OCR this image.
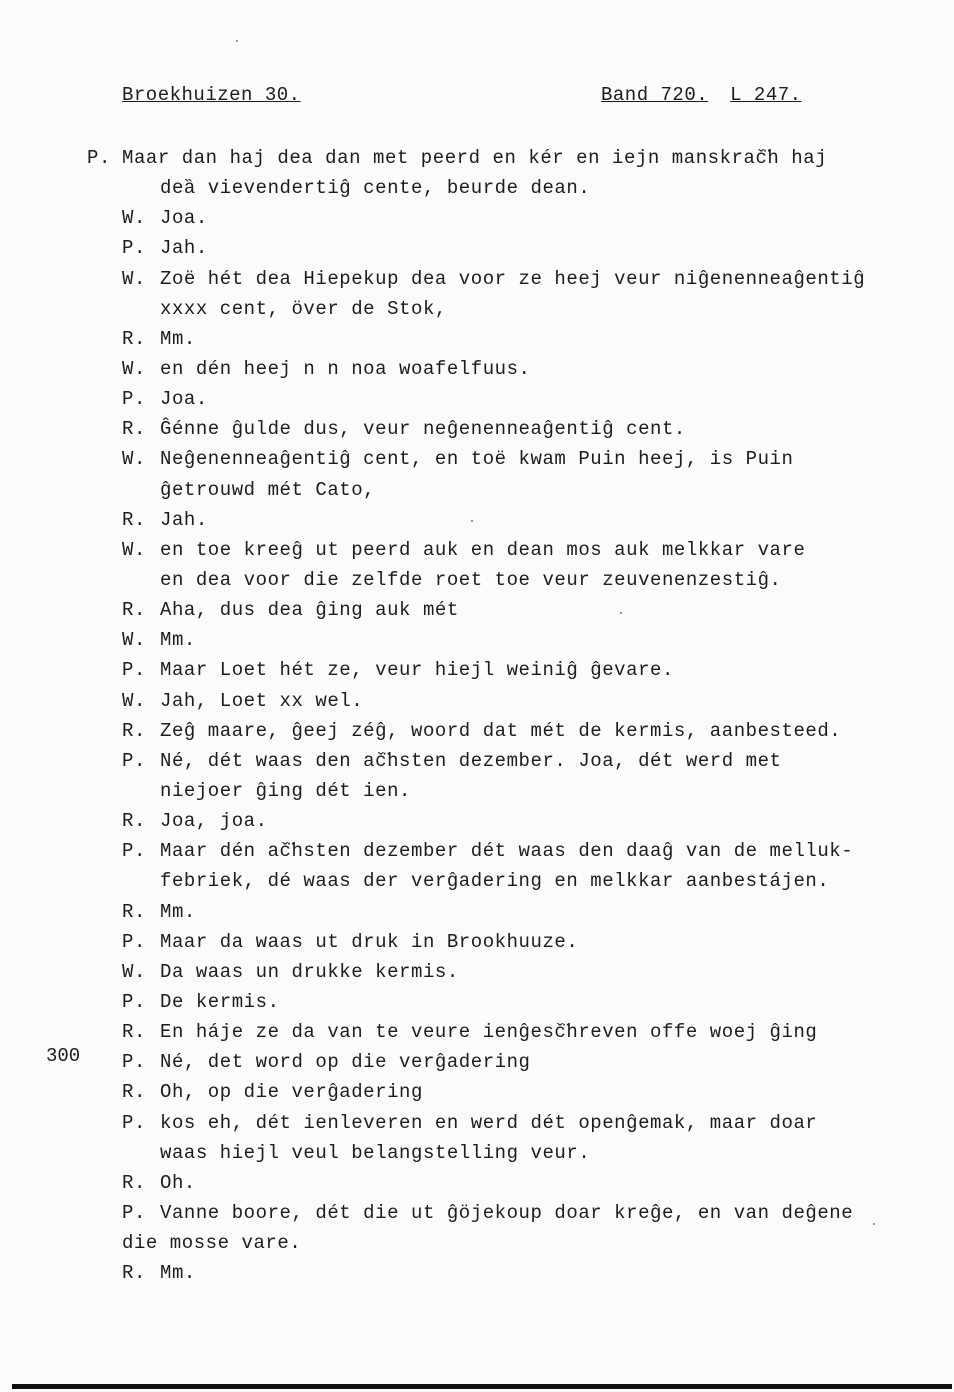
Broekhuizen 30.	Band 720. L 247.
300
P. Maar dan haj dea dan met peerd en kér en iejn manskrač̈h haj
deȁ vievendertiĝ cente, beurde dean.
W. Joa.
P. Jah.
W. Zoë hét dea Hiepekup dea voor ze heej veur niĝenenneaĝentiĝ
xxxx cent, över de Stok,
R. Mm.
W. en dén heej n n noa woafelfuus.
P. Joa.
R. Ĝénne ĝulde dus, veur neĝenenneaĝentiĝ cent.
W. Neĝenenneaĝentiĝ cent, en toë kwam Puin heej, is Puin
ĝetrouwd mét Cato,
R. Jah.
W. en toe kreeĝ ut peerd auk en dean mos auk melkkar vare
en dea voor die zelfde roet toe veur zeuvenenzestiĝ.
R. Aha, dus dea ĝing auk mét
W. Mm.
P. Maar Loet hét ze, veur hiejl weiniĝ ĝevare.
W. Jah, Loet xx wel.
R. Zeĝ maare, ĝeej zéĝ, woord dat mét de kermis, aanbesteed.
P. Né, dét waas den ač̈hsten dezember. Joa, dét werd met
niejoer ĝing dét ien.
R. Joa, joa.
P. Maar dén ač̈hsten dezember dét waas den daaĝ van de melluk-
febriek, dé waas der verĝadering en melkkar aanbestájen.
R. Mm.
P. Maar da waas ut druk in Brookhuuze.
W. Da waas un drukke kermis.
P. De kermis.
R. En háje ze da van te veure ienĝesč̈hreven offe woej ĝing
P. Né, det word op die verĝadering
R. Oh, op die verĝadering
P. kos eh, dét ienleveren en werd dét openĝemak, maar doar
waas hiejl veul belangstelling veur.
R. Oh.
P. Vanne boore, dét die ut ĝöjekoup doar kreĝe, en van deĝene
die mosse vare.
R. Mm.
